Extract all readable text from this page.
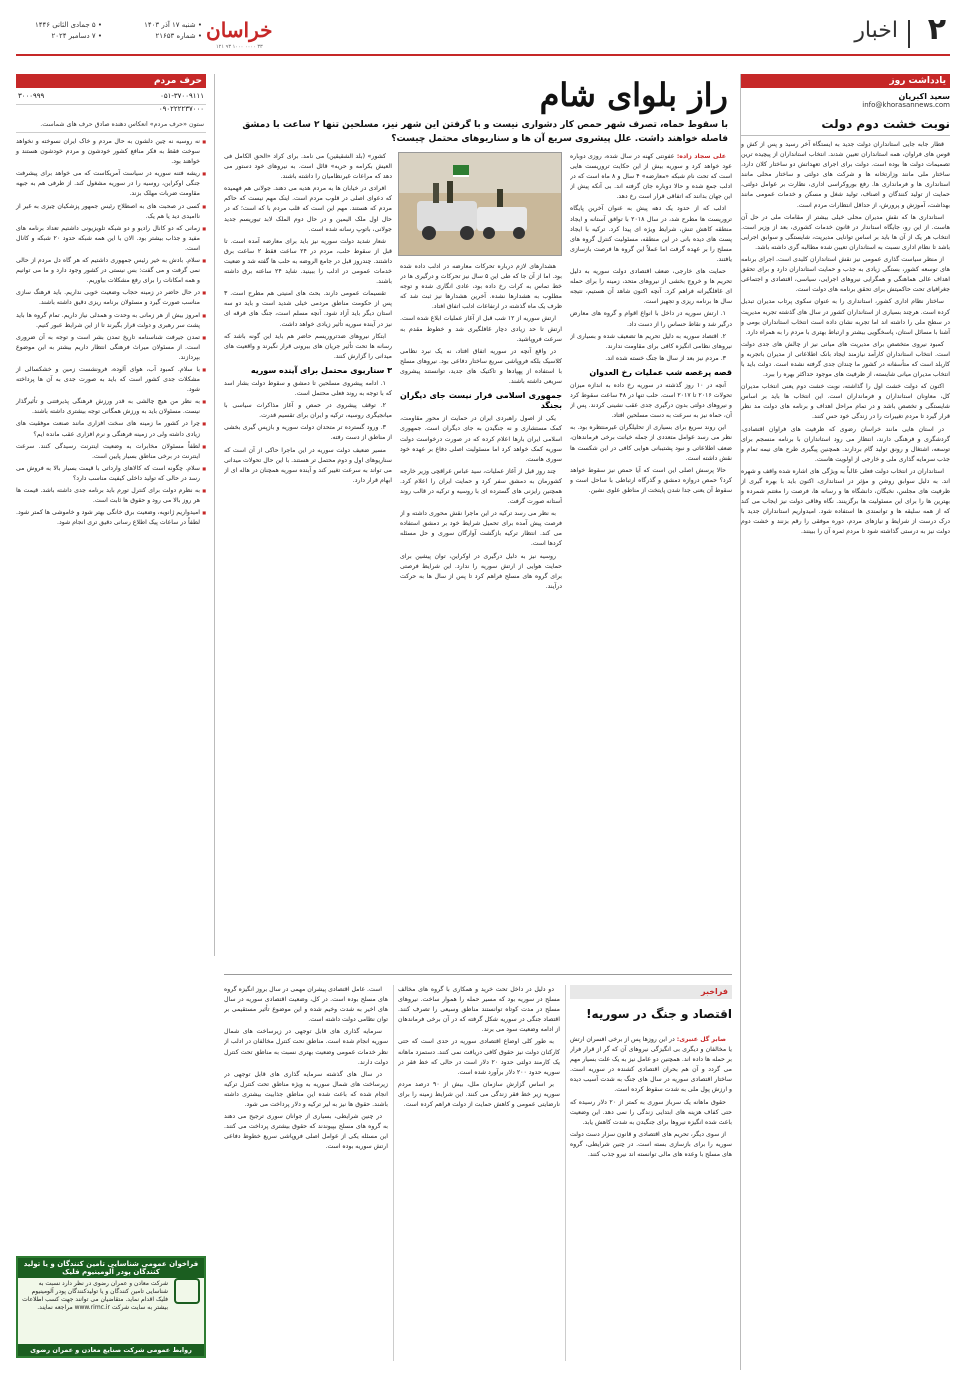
۲
اخبار
خراسان
• شنبه ۱۷ آذر ۱۴۰۳
• شماره ۲۱۶۵۳
• ۵ جمادی الثانی ۱۴۴۶
• ۷ دسامبر ۲۰۲۴
۳۳ ۰۰۰۰ ۱۰۰۰ ۹۳ ۱۲۱
یادداشت روز
سعید اکبریان
info@khorasannews.com
نوبت خشت دوم دولت

قطار جابه جایی استانداران دولت جدید به ایستگاه آخر رسید و پس از کش و قوس های فراوان، همه استانداران تعیین شدند. انتخاب استانداران از پیچیده ترین تصمیمات دولت ها بوده است. دولت برای اجرای تعهداتش دو ساختار کلان دارد، ساختار ملی مانند وزارتخانه ها و شرکت های دولتی و ساختار محلی مانند استانداری ها و فرمانداری ها. رفع بوروکراسی اداری، نظارت بر عوامل دولتی، حمایت از تولید کنندگان و اصناف، تولید شغل و مسکن و خدمات عمومی مانند بهداشت، آموزش و پرورش، از حداقل انتظارات مردم است.

استانداری ها که نقش مدیران محلی خیلی بیشتر از مقامات ملی در حل آن هاست. از این رو، جایگاه استاندار در قانون خدمات کشوری، بعد از وزیر است. انتخاب هر یک از آن ها باید بر اساس توانایی مدیریت، شایستگی و سوابق اجرایی باشد تا نظام اداری نسبت به استانداران تعیین شده مطالبه گری داشته باشد.

از منظر سیاست گذاری عمومی نیز نقش استانداران کلیدی است. اجرای برنامه های توسعه کشور، بستگی زیادی به جذب و حمایت استانداران دارد و برای تحقق اهداف عالی هماهنگی و همگرایی نیروهای اجرایی، سیاسی، اقتصادی و اجتماعی جغرافیای تحت حاکمیتش برای تحقق برنامه های دولت است.

ساختار نظام اداری کشور، استانداری را به عنوان سکوی پرتاب مدیران تبدیل کرده است. هرچند بسیاری از استانداران کشور در سال های گذشته تجربه مدیریت در سطح ملی را داشته اند اما تجربه نشان داده است انتخاب استانداران بومی و آشنا با مسائل استان، پاسخگویی بیشتر و ارتباط بهتری با مردم را به همراه دارد.

کمبود نیروی متخصص برای مدیریت های میانی نیز از چالش های جدی دولت است. انتخاب استانداران کارآمد نیازمند ایجاد بانک اطلاعاتی از مدیران باتجربه و کاربلد است که متأسفانه در کشور ما چندان جدی گرفته نشده است. دولت باید با انتخاب مدیران میانی شایسته، از ظرفیت های موجود حداکثر بهره را ببرد.

اکنون که دولت خشت اول را گذاشته، نوبت خشت دوم یعنی انتخاب مدیران کل، معاونان استانداران و فرمانداران است. این انتخاب ها باید بر اساس شایستگی و تخصص باشد و در تمام مراحل اهداف و برنامه های دولت مد نظر قرار گیرد تا مردم تغییرات را در زندگی خود حس کنند.

در استان هایی مانند خراسان رضوی که ظرفیت های فراوان اقتصادی، گردشگری و فرهنگی دارند، انتظار می رود استانداران با برنامه منسجم برای توسعه، اشتغال و رونق تولید گام بردارند. همچنین پیگیری طرح های نیمه تمام و جذب سرمایه گذاری ملی و خارجی از اولویت هاست.

استانداران در انتخاب دولت فعلی غالباً به ویژگی های اشاره شده واقف و شهره اند. به دلیل سوابق روشن و مؤثر در استانداری، اکنون باید با بهره گیری از ظرفیت های مجلس، نخبگان، دانشگاه ها و رسانه ها، فرصت را مغتنم شمرده و بهترین ها را برای این مسئولیت ها برگزینند. نگاه وفاقی دولت نیز ایجاب می کند که از همه سلیقه ها و توانمندی ها استفاده شود. امیدواریم استانداران جدید با درک درست از شرایط و نیازهای مردم، دوره موفقی را رقم بزنند و خشت دوم دولت نیز به درستی گذاشته شود تا مردم ثمره آن را ببینند.

راز بلوای شام
با سقوط حماه، تصرف شهر حمص کار دشواری نیست و با گرفتن این شهر نیز، مسلحین تنها ۲ ساعت با دمشق فاصله خواهند داشت. علل پیشروی سریع آن ها و سناریوهای محتمل چیست؟

علی سجاد زاده: عفونتی کهنه در سال شده، روزی دوباره عود خواهد کرد و سوریه بیش از این حکایت تروریست هایی است که تحت نام شبکه «معارضه» ۴ سال و ۸ ماه است که در ادلب جمع شده و حالا دوباره جان گرفته اند. بی آنکه پیش از این جهان بدانند که اتفاقی قرار است رخ دهد.

ادلب که از حدود یک دهه پیش به عنوان آخرین پایگاه تروریست ها مطرح شد، در سال ۲۰۱۸ با توافق آستانه و ایجاد منطقه کاهش تنش، شرایط ویژه ای پیدا کرد. ترکیه با ایجاد پست های دیده بانی در این منطقه، مسئولیت کنترل گروه های مسلح را بر عهده گرفت اما عملاً این گروه ها فرصت بازسازی یافتند.

حمایت های خارجی، ضعف اقتصادی دولت سوریه به دلیل تحریم ها و خروج بخشی از نیروهای متحد، زمینه را برای حمله ای غافلگیرانه فراهم کرد. آنچه اکنون شاهد آن هستیم، نتیجه سال ها برنامه ریزی و تجهیز است.

۱. ارتش سوریه در داخل با انواع اقوام و گروه های معارض درگیر شد و نقاط حساس را از دست داد.

۲. اقتصاد سوریه به دلیل تحریم ها تضعیف شده و بسیاری از نیروهای نظامی انگیزه کافی برای مقاومت ندارند.

۳. مردم نیز بعد از سال ها جنگ خسته شده اند.

قصه پرغصه شب عملیات رخ العدوان

آنچه در ۱۰ روز گذشته در سوریه رخ داده به اندازه میزان تحولات ۲۰۱۶ تا ۲۰۱۷ است. حلب تنها در ۴۸ ساعت سقوط کرد و نیروهای دولتی بدون درگیری جدی عقب نشینی کردند. پس از آن، حماه نیز به سرعت به دست مسلحین افتاد.

این روند سریع برای بسیاری از تحلیلگران غیرمنتظره بود. به نظر می رسد عوامل متعددی از جمله خیانت برخی فرماندهان، ضعف اطلاعاتی و نبود پشتیبانی هوایی کافی در این شکست ها نقش داشته است.

حالا پرسش اصلی این است که آیا حمص نیز سقوط خواهد کرد؟ حمص دروازه دمشق و گذرگاه ارتباطی با ساحل است و سقوط آن یعنی جدا شدن پایتخت از مناطق علوی نشین.

هشدارهای لازم درباره تحرکات معارضه در ادلب داده شده بود. اما از آن جا که طی این ۵ سال نیز تحرکات و درگیری ها در خط تماس به کرات رخ داده بود، عادی انگاری شده و توجه مطلوب به هشدارها نشده. آخرین هشدارها نیز ثبت شد که ظرف یک ماه گذشته در ارتفاعات ادلب اتفاق افتاد.

ارتش سوریه از ۱۲ شب قبل از آغاز عملیات ابلاغ شده است. ارتش تا حد زیادی دچار غافلگیری شد و خطوط مقدم به سرعت فروپاشید.

در واقع آنچه در سوریه اتفاق افتاد، نه یک نبرد نظامی کلاسیک بلکه فروپاشی سریع ساختار دفاعی بود. نیروهای مسلح با استفاده از پهپادها و تاکتیک های جدید، توانستند پیشروی سریعی داشته باشند.

جمهوری اسلامی قرار نیست جای دیگران بجنگد

یکی از اصول راهبردی ایران در حمایت از محور مقاومت، کمک مستشاری و نه جنگیدن به جای دیگران است. جمهوری اسلامی ایران بارها اعلام کرده که در صورت درخواست دولت سوریه کمک خواهد کرد اما مسئولیت اصلی دفاع بر عهده خود سوری هاست.

چند روز قبل از آغاز عملیات، سید عباس عراقچی وزیر خارجه کشورمان به دمشق سفر کرد و حمایت ایران را اعلام کرد. همچنین رایزنی های گسترده ای با روسیه و ترکیه در قالب روند آستانه صورت گرفت.

به نظر می رسد ترکیه در این ماجرا نقش محوری داشته و از فرصت پیش آمده برای تحمیل شرایط خود بر دمشق استفاده می کند. انتظار ترکیه بازگشت آوارگان سوری و حل مسئله کردها است.

روسیه نیز به دلیل درگیری در اوکراین، توان پیشین برای حمایت هوایی از ارتش سوریه را ندارد. این شرایط فرصتی برای گروه های مسلح فراهم کرد تا پس از سال ها به حرکت درآیند.

کشور» (بلد الشقیقین) می نامد. برای کراد «الحق الکامل فی العیش بکرامه و حریه» قائل است. به نیروهای خود دستور می دهد که مراعات غیرنظامیان را داشته باشند.

افرادی در خیابان ها به مردم هدیه می دهند. جولانی هم فهمیده که دعوای اصلی در قلوب مردم است. اینک مهم نیست که حاکم مردم که هستند. مهم این است که قلب مردم با که است؛ که در حال اول ملک الیمین و در حال دوم الملک لابد تیوریسم جدید جولانی، باتوپ رسانه شده است.

شعار شدید دولت سوریه نیز باید برای معارضه آمده است. تا قبل از سقوط حلب، مردم در ۲۴ ساعت فقط ۲ ساعت برق داشتند. چندروز قبل در جامع الروضه به حلب ها گفته شد و ضعیت خدمات عمومی در ادلب را ببینید. شاید ۲۴ ساعته برق داشته باشند.

تقسیمات عمومی دارند. بحث های امنیتی هم مطرح است. ۳ پس از حکومت مناطق مردمی خیلی شدید است و باید دو سه استان دیگر باید آزاد شود. آنچه مسلم است، جنگ های فرقه ای نیز در آینده سوریه تأثیر زیادی خواهد داشت.

ابتکار نیروهای ضدتروریسم حاضر هم باید این گونه باشد که رسانه ها تحت تأثیر جریان های بیرونی قرار نگیرند و واقعیت های میدانی را گزارش کنند.

۳ سناریوی محتمل برای آینده سوریه

۱. ادامه پیشروی مسلحین تا دمشق و سقوط دولت بشار اسد که با توجه به روند فعلی محتمل است.

۲. توقف پیشروی در حمص و آغاز مذاکرات سیاسی با میانجیگری روسیه، ترکیه و ایران برای تقسیم قدرت.

۳. ورود گسترده تر متحدان دولت سوریه و بازپس گیری بخشی از مناطق از دست رفته.

مسیر ضعیف دولت سوریه در این ماجرا حاکی از آن است که سناریوهای اول و دوم محتمل تر هستند. با این حال تحولات میدانی می تواند به سرعت تغییر کند و آینده سوریه همچنان در هاله ای از ابهام قرار دارد.

حرف مردم
۰۵۱-۳۷۰۰۹۱۱۱
۳۰۰۰۹۹۹
۰۹۰۲۲۲۲۳۷۰۰۰
ستون «حرف مردم» انعکاس دهنده صادق حرف های شماست.

■ نه روسیه نه چین دلشون به حال مردم و خاک ایران نسوخته و نخواهد سوخت فقط به فکر منافع کشور خودشون و مردم خودشون هستند و خواهند بود.

■ ریشه فتنه سوریه در سیاست آمریکاست که می خواهد برای پیشرفت جنگی اوکراین، روسیه را در سوریه مشغول کند. از طرفی هم به جبهه مقاومت ضربات مهلک بزند.

■ کسی در صحبت های به اصطلاح رئیس جمهور پزشکیان چیزی به غیر از ناامیدی دید یا هم یک.

■ زمانی که دو کانال رادیو و دو شبکه تلویزیونی داشتیم تعداد برنامه های مفید و جذاب بیشتر بود. الان با این همه شبکه حدود ۲۰ شبکه و کانال است.

■ سلام. بادش به خیر رئیس جمهوری داشتیم که هر گاه دل مردم از حالی نمی گرفت و می گفت: بس نیستی در کشور وجود دارد و ما می توانیم و همه امکانات را برای رفع مشکلات بیاوریم.

■ در حال حاضر در زمینه حجاب وضعیت خوبی نداریم. باید فرهنگ سازی مناسب صورت گیرد و مسئولان برنامه ریزی دقیق داشته باشند.

■ امروز بیش از هر زمانی به وحدت و همدلی نیاز داریم. تمام گروه ها باید پشت سر رهبری و دولت قرار بگیرند تا از این شرایط عبور کنیم.

■ تمدن جیرفت شناسنامه تاریخ تمدن بشر است و توجه به آن ضروری است. از مسئولان میراث فرهنگی انتظار داریم بیشتر به این موضوع بپردازند.

■ با سلام. کمبود آب، هوای آلوده، فرونشست زمین و خشکسالی از مشکلات جدی کشور است که باید به صورت جدی به آن ها پرداخته شود.

■ به نظر من هیچ چالشی به قدر ورزش فرهنگی پذیرفتنی و تأثیرگذار نیست. مسئولان باید به ورزش همگانی توجه بیشتری داشته باشند.

■ چرا در کشور ما زمینه های سخت افزاری مانند صنعت موفقیت های زیادی داشته ولی در زمینه فرهنگی و نرم افزاری عقب مانده ایم؟

■ لطفاً مسئولان مخابرات به وضعیت اینترنت رسیدگی کنند. سرعت اینترنت در برخی مناطق بسیار پایین است.

■ سلام. چگونه است که کالاهای وارداتی با قیمت بسیار بالا به فروش می رسد در حالی که تولید داخلی کیفیت مناسب دارد؟

■ به نظرم دولت برای کنترل تورم باید برنامه جدی داشته باشد. قیمت ها هر روز بالا می رود و حقوق ها ثابت است.

■ امیدواریم ژانویه، وضعیت برق خانگی بهتر شود و خاموشی ها کمتر شود. لطفاً در ساعات پیک اطلاع رسانی دقیق تری انجام شود.

فراخبر
اقتصاد و جنگ در سوریه!

صابر گل عنبری: در این روزها پس از برخی افسران ارتش یا مخالفان و دیگری بی انگیزگی نیروهای آن که گر از قرار فرار بر حمله ها داده اند. همچنین دو عامل نیز به یک علت بسیار مهم می گردد و آن هم بحران اقتصادی کشنده در سوریه است. ساختار اقتصادی سوریه در سال های جنگ به شدت آسیب دیده و ارزش پول ملی به شدت سقوط کرده است.

حقوق ماهانه یک سرباز سوری به کمتر از ۲۰ دلار رسیده که حتی کفاف هزینه های ابتدایی زندگی را نمی دهد. این وضعیت باعث شده انگیزه نیروها برای جنگیدن به شدت کاهش یابد.

از سوی دیگر، تحریم های اقتصادی و قانون سزار دست دولت سوریه را برای بازسازی بسته است. در چنین شرایطی، گروه های مسلح با وعده های مالی توانسته اند نیرو جذب کنند.

دو دلیل در داخل تحت خرید و همکاری با گروه های مخالف مسلح در سوریه بود که مسیر حمله را هموار ساخت. نیروهای مسلح در مدت کوتاه توانستند مناطق وسیعی را تصرف کنند. اقتصاد جنگی در سوریه شکل گرفته که در آن برخی فرماندهان از ادامه وضعیت سود می برند.

به طور کلی اوضاع اقتصادی سوریه در حدی است که حتی کارکنان دولت نیز حقوق کافی دریافت نمی کنند. دستمزد ماهانه یک کارمند دولتی حدود ۲۰ دلار است در حالی که خط فقر در سوریه حدود ۲۰۰ دلار برآورد شده است.

بر اساس گزارش سازمان ملل، بیش از ۹۰ درصد مردم سوریه زیر خط فقر زندگی می کنند. این شرایط زمینه را برای نارضایتی عمومی و کاهش حمایت از دولت فراهم کرده است.

است. عامل اقتصادی پیشران مهمی در سال بروز انگیزه گروه های مسلح بوده است. در کل، وضعیت اقتصادی سوریه در سال های اخیر به شدت وخیم شده و این موضوع تأثیر مستقیمی بر توان نظامی دولت داشته است.

سرمایه گذاری های قابل توجهی در زیرساخت های شمال سوریه انجام شده است. مناطق تحت کنترل مخالفان در ادلب از نظر خدمات عمومی وضعیت بهتری نسبت به مناطق تحت کنترل دولت دارند.

در سال های گذشته سرمایه گذاری های قابل توجهی در زیرساخت های شمال سوریه به ویژه مناطق تحت کنترل ترکیه انجام شده که باعث شده این مناطق جذابیت بیشتری داشته باشند. حقوق ها نیز به لیر ترکیه و دلار پرداخت می شود.

در چنین شرایطی، بسیاری از جوانان سوری ترجیح می دهند به گروه های مسلح بپیوندند که حقوق بیشتری پرداخت می کنند. این مسئله یکی از عوامل اصلی فروپاشی سریع خطوط دفاعی ارتش سوریه بوده است.

فراخوان عمومی شناسایی تامین کنندگان و یا تولید کنندگان پودر آلومینیوم فلیک
شرکت معادن و عمران رضوی در نظر دارد نسبت به شناسایی تامین کنندگان و یا تولیدکنندگان پودر آلومینیوم فلیک اقدام نماید. متقاضیان می توانند جهت کسب اطلاعات بیشتر به سایت شرکت www.rimc.ir مراجعه نمایند.
روابط عمومی شرکت صنایع معادن و عمران رضوی
